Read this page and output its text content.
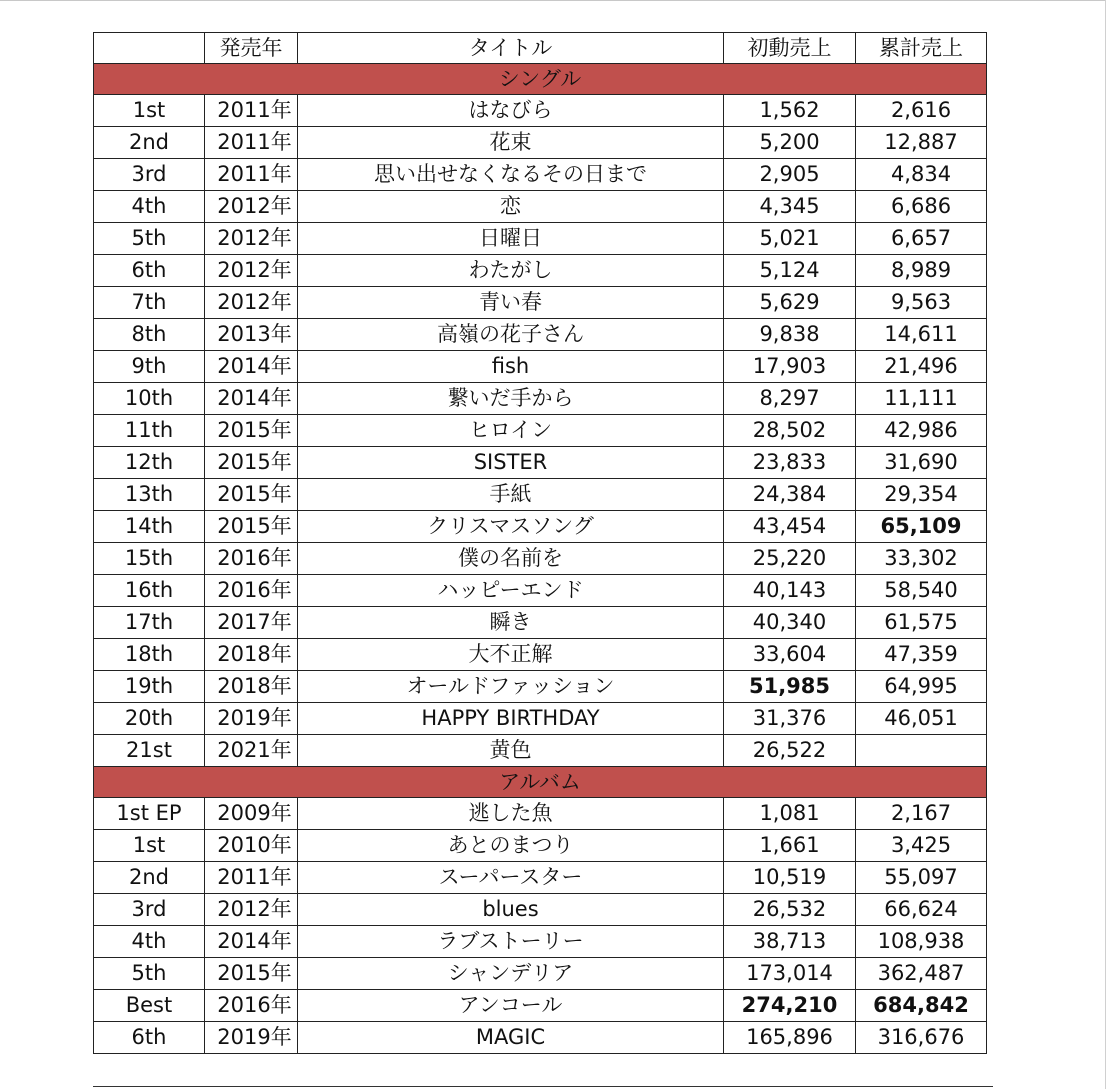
	発売年	タイトル	初動売上	累計売上
シングル				
1st	2011年	はなびら	1,562	2,616
2nd	2011年	花束	5,200	12,887
3rd	2011年	思い出せなくなるその日まで	2,905	4,834
4th	2012年	恋	4,345	6,686
5th	2012年	日曜日	5,021	6,657
6th	2012年	わたがし	5,124	8,989
7th	2012年	青い春	5,629	9,563
8th	2013年	高嶺の花子さん	9,838	14,611
9th	2014年	fish	17,903	21,496
10th	2014年	繋いだ手から	8,297	11,111
11th	2015年	ヒロイン	28,502	42,986
12th	2015年	SISTER	23,833	31,690
13th	2015年	手紙	24,384	29,354
14th	2015年	クリスマスソング	43,454	65,109
15th	2016年	僕の名前を	25,220	33,302
16th	2016年	ハッピーエンド	40,143	58,540
17th	2017年	瞬き	40,340	61,575
18th	2018年	大不正解	33,604	47,359
19th	2018年	オールドファッション	51,985	64,995
20th	2019年	HAPPY BIRTHDAY	31,376	46,051
21st	2021年	黄色	26,522	
アルバム				
1st EP	2009年	逃した魚	1,081	2,167
1st	2010年	あとのまつり	1,661	3,425
2nd	2011年	スーパースター	10,519	55,097
3rd	2012年	blues	26,532	66,624
4th	2014年	ラブストーリー	38,713	108,938
5th	2015年	シャンデリア	173,014	362,487
Best	2016年	アンコール	274,210	684,842
6th	2019年	MAGIC	165,896	316,676
